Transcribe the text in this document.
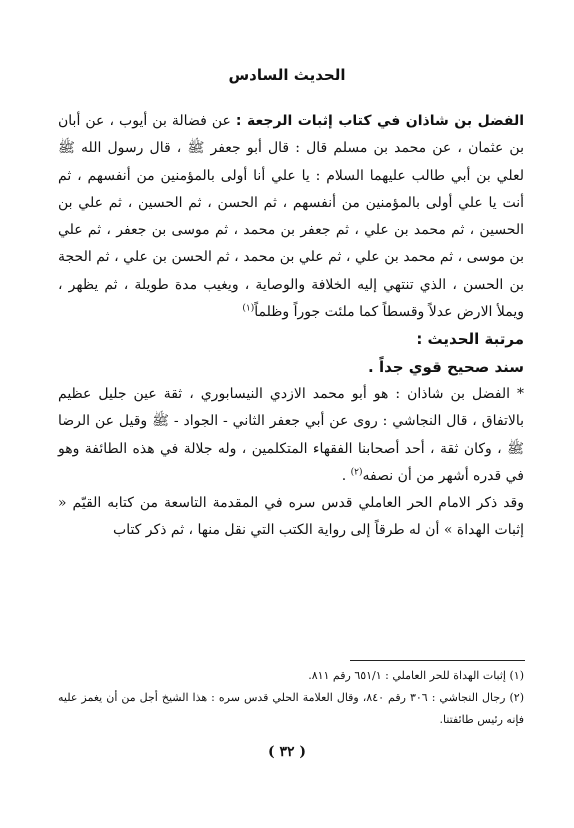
الحديث السادس

الفضل بن شاذان في كتاب إثبات الرجعة : عن فضالة بن أيوب ، عن أبان بن عثمان ، عن محمد بن مسلم قال : قال أبو جعفر ﷺ ، قال رسول الله ﷺ لعلي بن أبي طالب عليهما السلام : يا علي أنا أولى بالمؤمنين من أنفسهم ، ثم أنت يا علي أولى بالمؤمنين من أنفسهم ، ثم الحسن ، ثم الحسين ، ثم علي بن الحسين ، ثم محمد بن علي ، ثم جعفر بن محمد ، ثم موسى بن جعفر ، ثم علي بن موسى ، ثم محمد بن علي ، ثم علي بن محمد ، ثم الحسن بن علي ، ثم الحجة بن الحسن ، الذي تنتهي إليه الخلافة والوصاية ، ويغيب مدة طويلة ، ثم يظهر ، ويملأ الارض عدلاً وقسطاً كما ملئت جوراً وظلماً$^{(١)}$

مرتبة الحديث :

سند صحيح قوي جداً .

* الفضل بن شاذان : هو أبو محمد الازدي النيسابوري ، ثقة عين جليل عظيم بالاتفاق ، قال النجاشي : روى عن أبي جعفر الثاني - الجواد - ﷺ وقيل عن الرضا ﷺ ، وكان ثقة ، أحد أصحابنا الفقهاء المتكلمين ، وله جلالة في هذه الطائفة وهو في قدره أشهر من أن نصفه$^{(٢)}$ .

وقد ذكر الامام الحر العاملي قدس سره في المقدمة التاسعة من كتابه القيّم « إثبات الهداة » أن له طرقاً إلى رواية الكتب التي نقل منها ، ثم ذكر كتاب

(١) إثبات الهداة للحر العاملي : ٦٥١/١ رقم ٨١١.

(٢) رجال النجاشي : ٣٠٦ رقم ٨٤٠، وقال العلامة الحلي قدس سره : هذا الشيخ أجل من أن يغمز عليه فإنه رئيس طائفتنا.

( ٣٢ )
